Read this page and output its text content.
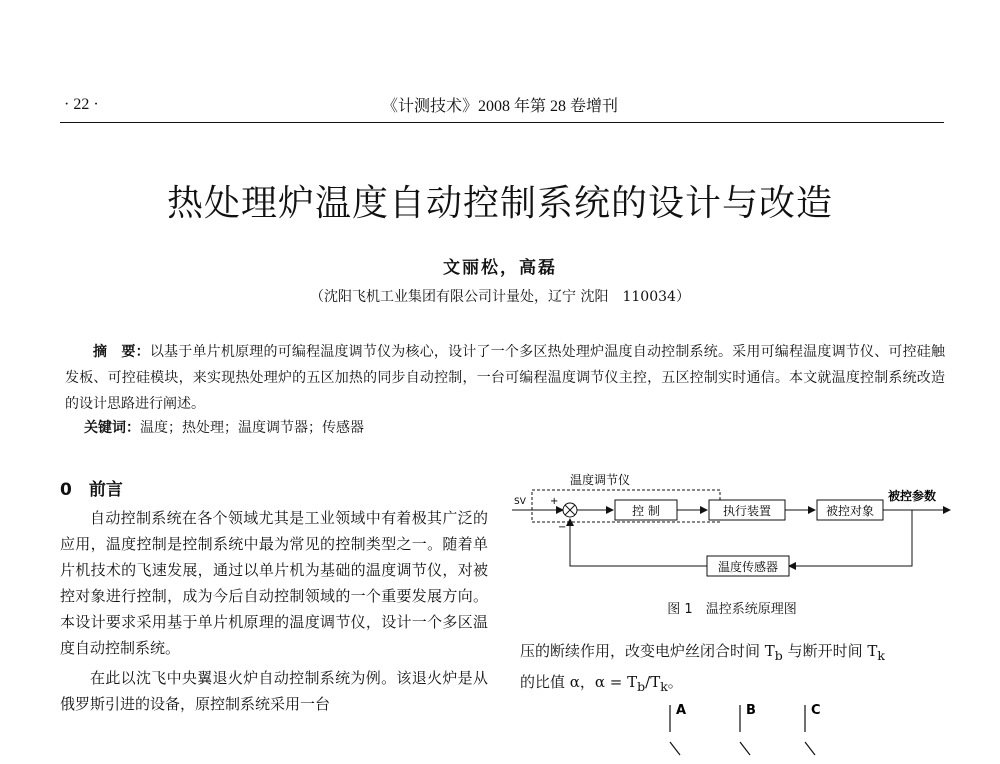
· 22 ·	《计测技术》2008 年第 28 卷增刊
热处理炉温度自动控制系统的设计与改造
文丽松，高磊
（沈阳飞机工业集团有限公司计量处，辽宁 沈阳　110034）
摘　要：以基于单片机原理的可编程温度调节仪为核心，设计了一个多区热处理炉温度自动控制系统。采用可编程温度调节仪、可控硅触发板、可控硅模块，来实现热处理炉的五区加热的同步自动控制，一台可编程温度调节仪主控，五区控制实时通信。本文就温度控制系统改造的设计思路进行阐述。
关键词：温度；热处理；温度调节器；传感器
0　前言

自动控制系统在各个领域尤其是工业领域中有着极其广泛的应用，温度控制是控制系统中最为常见的控制类型之一。随着单片机技术的飞速发展，通过以单片机为基础的温度调节仪，对被控对象进行控制，成为今后自动控制领域的一个重要发展方向。本设计要求采用基于单片机原理的温度调节仪，设计一个多区温度自动控制系统。

在此以沈飞中央翼退火炉自动控制系统为例。该退火炉是从俄罗斯引进的设备，原控制系统采用一台

温度调节仪
SV +
−
控 制	执行装置	被控对象
被控参数
温度传感器
图 1　温控系统原理图

压的断续作用，改变电炉丝闭合时间 $T_b$ 与断开时间 $T_k$

的比值 α，$\alpha = T_b/T_k$。

A	B	C
